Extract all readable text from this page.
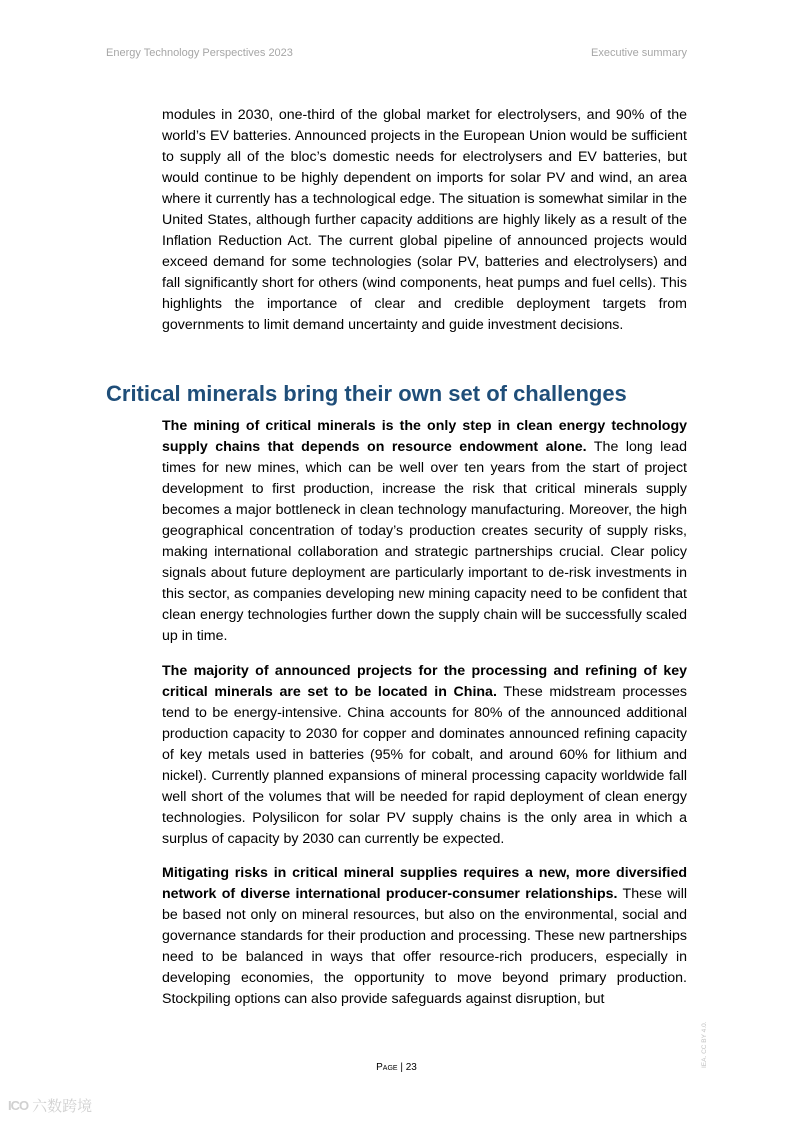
Energy Technology Perspectives 2023	Executive summary

modules in 2030, one-third of the global market for electrolysers, and 90% of the world’s EV batteries. Announced projects in the European Union would be sufficient to supply all of the bloc’s domestic needs for electrolysers and EV batteries, but would continue to be highly dependent on imports for solar PV and wind, an area where it currently has a technological edge. The situation is somewhat similar in the United States, although further capacity additions are highly likely as a result of the Inflation Reduction Act. The current global pipeline of announced projects would exceed demand for some technologies (solar PV, batteries and electrolysers) and fall significantly short for others (wind components, heat pumps and fuel cells). This highlights the importance of clear and credible deployment targets from governments to limit demand uncertainty and guide investment decisions.

Critical minerals bring their own set of challenges

The mining of critical minerals is the only step in clean energy technology supply chains that depends on resource endowment alone. The long lead times for new mines, which can be well over ten years from the start of project development to first production, increase the risk that critical minerals supply becomes a major bottleneck in clean technology manufacturing. Moreover, the high geographical concentration of today’s production creates security of supply risks, making international collaboration and strategic partnerships crucial. Clear policy signals about future deployment are particularly important to de-risk investments in this sector, as companies developing new mining capacity need to be confident that clean energy technologies further down the supply chain will be successfully scaled up in time.

The majority of announced projects for the processing and refining of key critical minerals are set to be located in China. These midstream processes tend to be energy-intensive. China accounts for 80% of the announced additional production capacity to 2030 for copper and dominates announced refining capacity of key metals used in batteries (95% for cobalt, and around 60% for lithium and nickel). Currently planned expansions of mineral processing capacity worldwide fall well short of the volumes that will be needed for rapid deployment of clean energy technologies. Polysilicon for solar PV supply chains is the only area in which a surplus of capacity by 2030 can currently be expected.

Mitigating risks in critical mineral supplies requires a new, more diversified network of diverse international producer-consumer relationships. These will be based not only on mineral resources, but also on the environmental, social and governance standards for their production and processing. These new partnerships need to be balanced in ways that offer resource-rich producers, especially in developing economies, the opportunity to move beyond primary production. Stockpiling options can also provide safeguards against disruption, but

Page | 23	IEA. CC BY 4.0.
ICO 六数跨境
